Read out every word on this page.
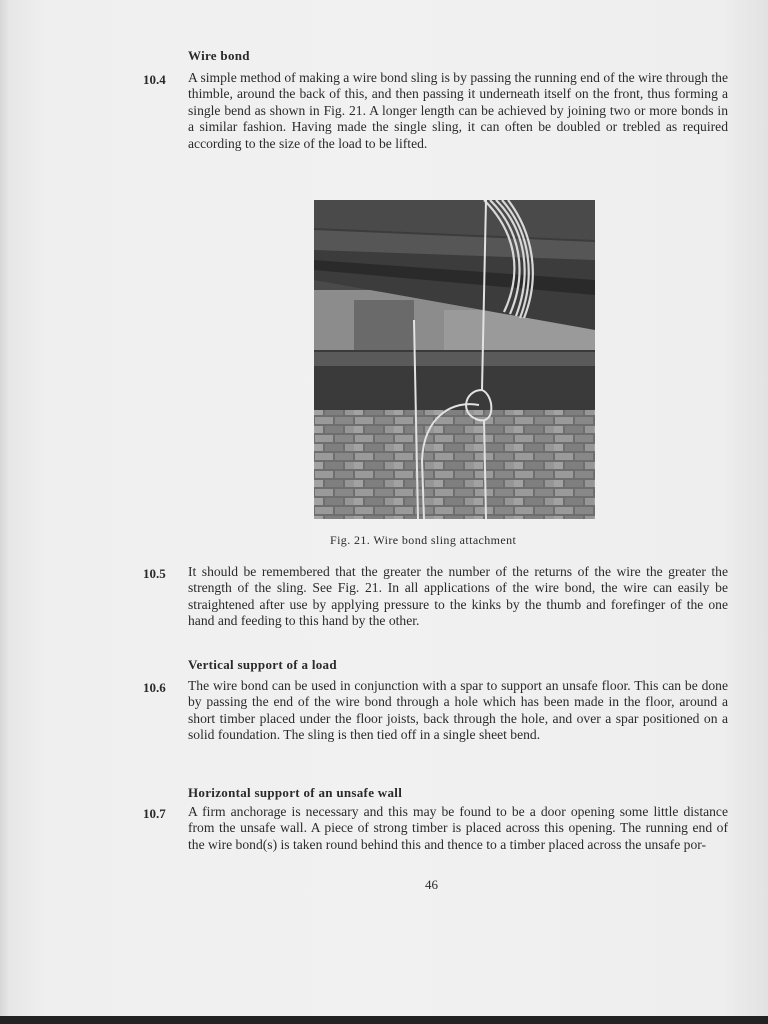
Wire bond
10.4 A simple method of making a wire bond sling is by passing the running end of the wire through the thimble, around the back of this, and then passing it underneath itself on the front, thus forming a single bend as shown in Fig. 21. A longer length can be achieved by joining two or more bonds in a similar fashion. Having made the single sling, it can often be doubled or trebled as required according to the size of the load to be lifted.
Fig. 21. Wire bond sling attachment
10.5 It should be remembered that the greater the number of the returns of the wire the greater the strength of the sling. See Fig. 21. In all applications of the wire bond, the wire can easily be straightened after use by applying pressure to the kinks by the thumb and forefinger of the one hand and feeding to this hand by the other.
Vertical support of a load
10.6 The wire bond can be used in conjunction with a spar to support an unsafe floor. This can be done by passing the end of the wire bond through a hole which has been made in the floor, around a short timber placed under the floor joists, back through the hole, and over a spar positioned on a solid foundation. The sling is then tied off in a single sheet bend.
Horizontal support of an unsafe wall
10.7 A firm anchorage is necessary and this may be found to be a door opening some little distance from the unsafe wall. A piece of strong timber is placed across this opening. The running end of the wire bond(s) is taken round behind this and thence to a timber placed across the unsafe por-
46
